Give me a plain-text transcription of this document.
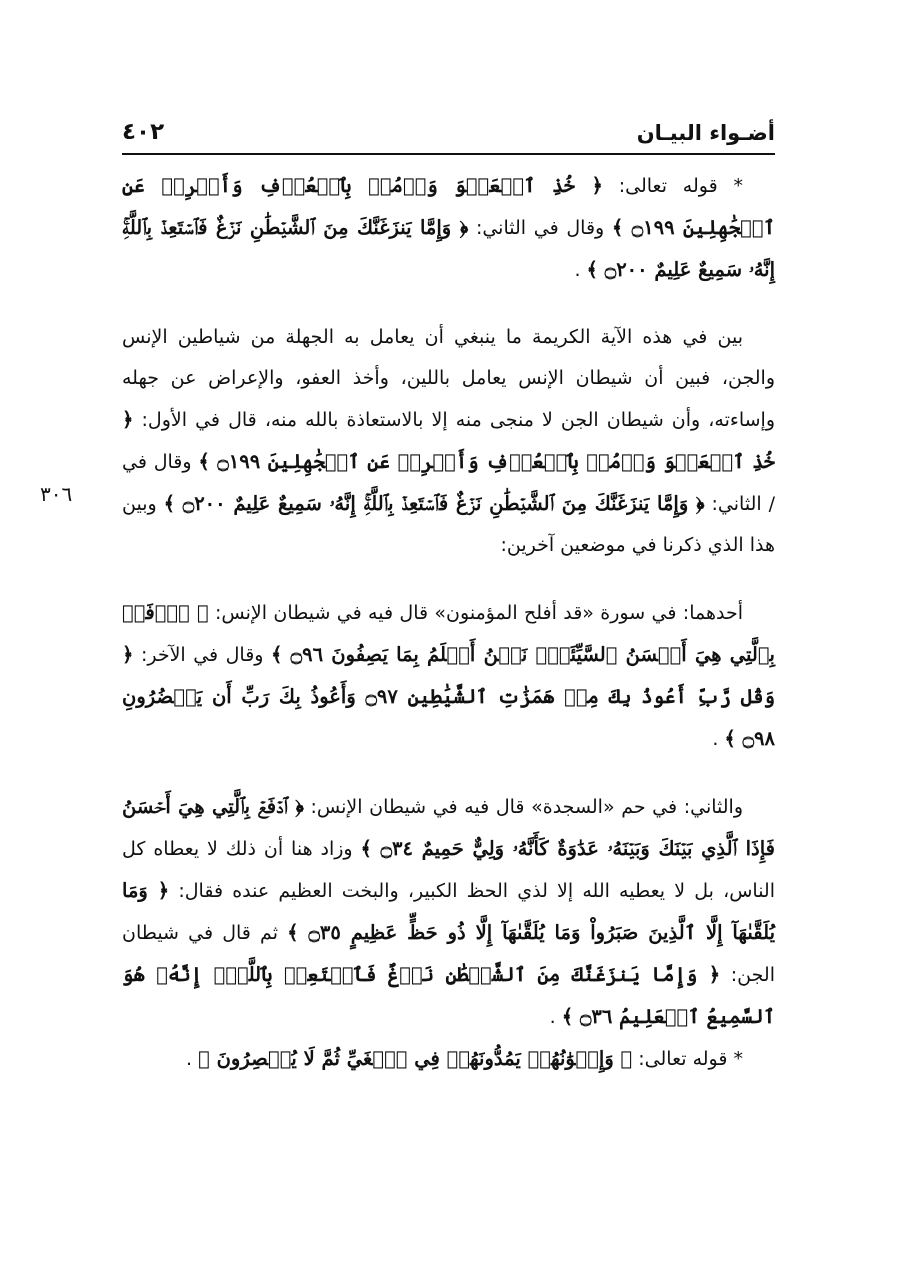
٤٠٢	أضـواء البيـان
٣٠٦

* قوله تعالى: ﴿ خُذِ ٱلۡعَفۡوَ وَأۡمُرۡ بِٱلۡعُرۡفِ وَأَعۡرِضۡ عَنِ ٱلۡجَٰهِلِينَ ۝١٩٩ ﴾ وقال في الثاني: ﴿ وَإِمَّا يَنزَغَنَّكَ مِنَ ٱلشَّيۡطَٰنِ نَزۡغٌ فَٱسۡتَعِذۡ بِٱللَّهِۚ إِنَّهُۥ سَمِيعٌ عَلِيمٌ ۝٢٠٠ ﴾ .

بين في هذه الآية الكريمة ما ينبغي أن يعامل به الجهلة من شياطين الإنس والجن، فبين أن شيطان الإنس يعامل باللين، وأخذ العفو، والإعراض عن جهله وإساءته، وأن شيطان الجن لا منجى منه إلا بالاستعاذة بالله منه، قال في الأول: ﴿ خُذِ ٱلۡعَفۡوَ وَأۡمُرۡ بِٱلۡعُرۡفِ وَأَعۡرِضۡ عَنِ ٱلۡجَٰهِلِينَ ۝١٩٩ ﴾ وقال في / الثاني: ﴿ وَإِمَّا يَنزَغَنَّكَ مِنَ ٱلشَّيۡطَٰنِ نَزۡغٌ فَٱسۡتَعِذۡ بِٱللَّهِۚ إِنَّهُۥ سَمِيعٌ عَلِيمٌ ۝٢٠٠ ﴾ وبين هذا الذي ذكرنا في موضعين آخرين:

أحدهما: في سورة «قد أفلح المؤمنون» قال فيه في شيطان الإنس: ﴿ ٱدۡفَعۡ بِٱلَّتِي هِيَ أَحۡسَنُ ٱلسَّيِّئَةَۚ نَحۡنُ أَعۡلَمُ بِمَا يَصِفُونَ ۝٩٦ ﴾ وقال في الآخر: ﴿ وَقُل رَّبِّ أَعُوذُ بِكَ مِنۡ هَمَزَٰتِ ٱلشَّيَٰطِينِ ۝٩٧ وَأَعُوذُ بِكَ رَبِّ أَن يَحۡضُرُونِ ۝٩٨ ﴾ .

والثاني: في حم «السجدة» قال فيه في شيطان الإنس: ﴿ ٱدۡفَعۡ بِٱلَّتِي هِيَ أَحۡسَنُ فَإِذَا ٱلَّذِي بَيۡنَكَ وَبَيۡنَهُۥ عَدَٰوَةٌ كَأَنَّهُۥ وَلِيٌّ حَمِيمٌ ۝٣٤ ﴾ وزاد هنا أن ذلك لا يعطاه كل الناس، بل لا يعطيه الله إلا لذي الحظ الكبير، والبخت العظيم عنده فقال: ﴿ وَمَا يُلَقَّىٰهَآ إِلَّا ٱلَّذِينَ صَبَرُواْ وَمَا يُلَقَّىٰهَآ إِلَّا ذُو حَظٍّ عَظِيمٍ ۝٣٥ ﴾ ثم قال في شيطان الجن: ﴿ وَإِمَّا يَنزَغَنَّكَ مِنَ ٱلشَّيۡطَٰنِ نَزۡغٌ فَٱسۡتَعِذۡ بِٱللَّهِۖ إِنَّهُۥ هُوَ ٱلسَّمِيعُ ٱلۡعَلِيمُ ۝٣٦ ﴾ .

* قوله تعالى: ﴿ وَإِخۡوَٰنُهُمۡ يَمُدُّونَهُمۡ فِي ٱلۡغَيِّ ثُمَّ لَا يُقۡصِرُونَ ﴾ .
